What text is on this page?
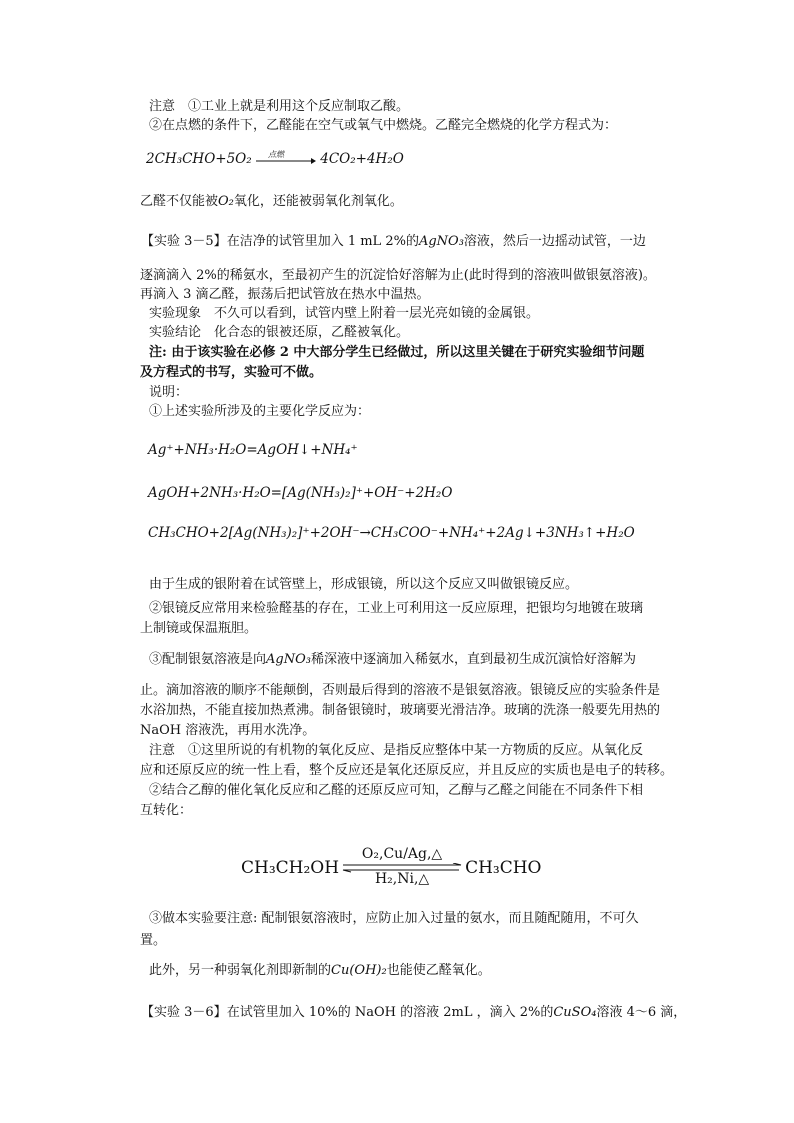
注意　①工业上就是利用这个反应制取乙酸。
②在点燃的条件下，乙醛能在空气或氧气中燃烧。乙醛完全燃烧的化学方程式为：
2CH₃CHO+5O₂ 点燃	4CO₂+4H₂O
乙醛不仅能被O₂氧化，还能被弱氧化剂氧化。
【实验 3－5】在洁净的试管里加入 1 mL 2%的AgNO₃溶液，然后一边摇动试管，一边
逐滴滴入 2%的稀氨水，至最初产生的沉淀恰好溶解为止(此时得到的溶液叫做银氨溶液)。
再滴入 3 滴乙醛，振荡后把试管放在热水中温热。
实验现象　不久可以看到，试管内壁上附着一层光亮如镜的金属银。
实验结论　化合态的银被还原，乙醛被氧化。
注: 由于该实验在必修 2 中大部分学生已经做过，所以这里关键在于研究实验细节问题
及方程式的书写，实验可不做。
说明：
①上述实验所涉及的主要化学反应为：
Ag⁺+NH₃·H₂O=AgOH↓+NH₄⁺
AgOH+2NH₃·H₂O=[Ag(NH₃)₂]⁺+OH⁻+2H₂O
CH₃CHO+2[Ag(NH₃)₂]⁺+2OH⁻→CH₃COO⁻+NH₄⁺+2Ag↓+3NH₃↑+H₂O
由于生成的银附着在试管壁上，形成银镜，所以这个反应又叫做银镜反应。
②银镜反应常用来检验醛基的存在，工业上可利用这一反应原理，把银均匀地镀在玻璃
上制镜或保温瓶胆。
③配制银氨溶液是向AgNO₃稀深液中逐滴加入稀氨水，直到最初生成沉演恰好溶解为
止。滴加溶液的顺序不能颠倒，否则最后得到的溶液不是银氨溶液。银镜反应的实验条件是
水浴加热，不能直接加热煮沸。制备银镜时，玻璃要光滑洁净。玻璃的洗涤一般要先用热的
NaOH 溶液洗，再用水洗净。
注意　①这里所说的有机物的氧化反应、是指反应整体中某一方物质的反应。从氧化反
应和还原反应的统一性上看，整个反应还是氧化还原反应，并且反应的实质也是电子的转移。
②结合乙醇的催化氧化反应和乙醛的还原反应可知，乙醇与乙醛之间能在不同条件下相
互转化：
CH₃CH₂OH
O₂,Cu/Ag,△
H₂,Ni,△
CH₃CHO
③做本实验要注意: 配制银氨溶液时，应防止加入过量的氨水，而且随配随用，不可久
置。
此外，另一种弱氧化剂即新制的Cu(OH)₂也能使乙醛氧化。
【实验 3－6】在试管里加入 10%的 NaOH 的溶液 2mL ，滴入 2%的CuSO₄溶液 4～6 滴，
